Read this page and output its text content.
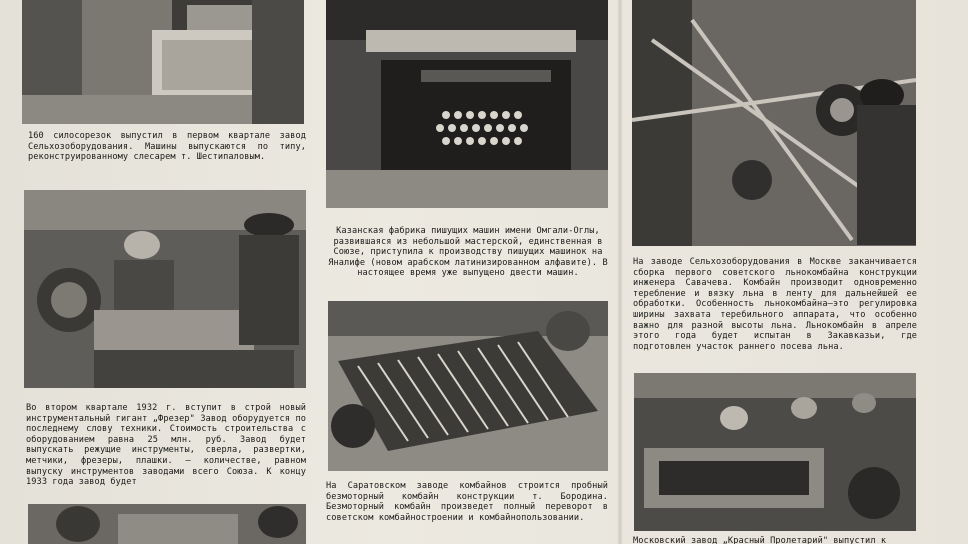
160 силосорезок выпустил в первом квартале завод Сельхозоборудования. Машины выпускаются по типу, реконструированному слесарем т. Шестипаловым.
Во втором квартале 1932 г. вступит в строй новый инструментальный гигант „Фрезер" Завод оборудуется по последнему слову техники. Стоимость строительства с оборудованием равна 25 млн. руб. Завод будет выпускать режущие инструменты, сверла, развертки, метчики, фрезеры, плашки. — количестве, равном выпуску инструментов заводами всего Союза. К концу 1933 года завод будет
Казанская фабрика пишущих машин имени Омгали-Оглы, развившаяся из небольшой мастерской, единственная в Союзе, приступила к производству пишущих машинок на Яналифе (новом арабском латинизированном алфавите). В настоящее время уже выпущено двести машин.
На Саратовском заводе комбайнов строится пробный безмоторный комбайн конструкции т. Бородина. Безмоторный комбайн произведет полный переворот в советском комбайностроении и комбайнопользовании.
На заводе Сельхозоборудования в Москве заканчивается сборка первого советского льнокомбайна конструкции инженера Савачева. Комбайн производит одновременно теребление и вязку льна в ленту для дальнейшей ее обработки. Особенность льнокомбайна—это регулировка ширины захвата теребильного аппарата, что особенно важно для разной высоты льна. Льнокомбайн в апреле этого года будет испытан в Закавказьи, где подготовлен участок раннего посева льна.
Московский завод „Красный Пролетарий" выпустил к
